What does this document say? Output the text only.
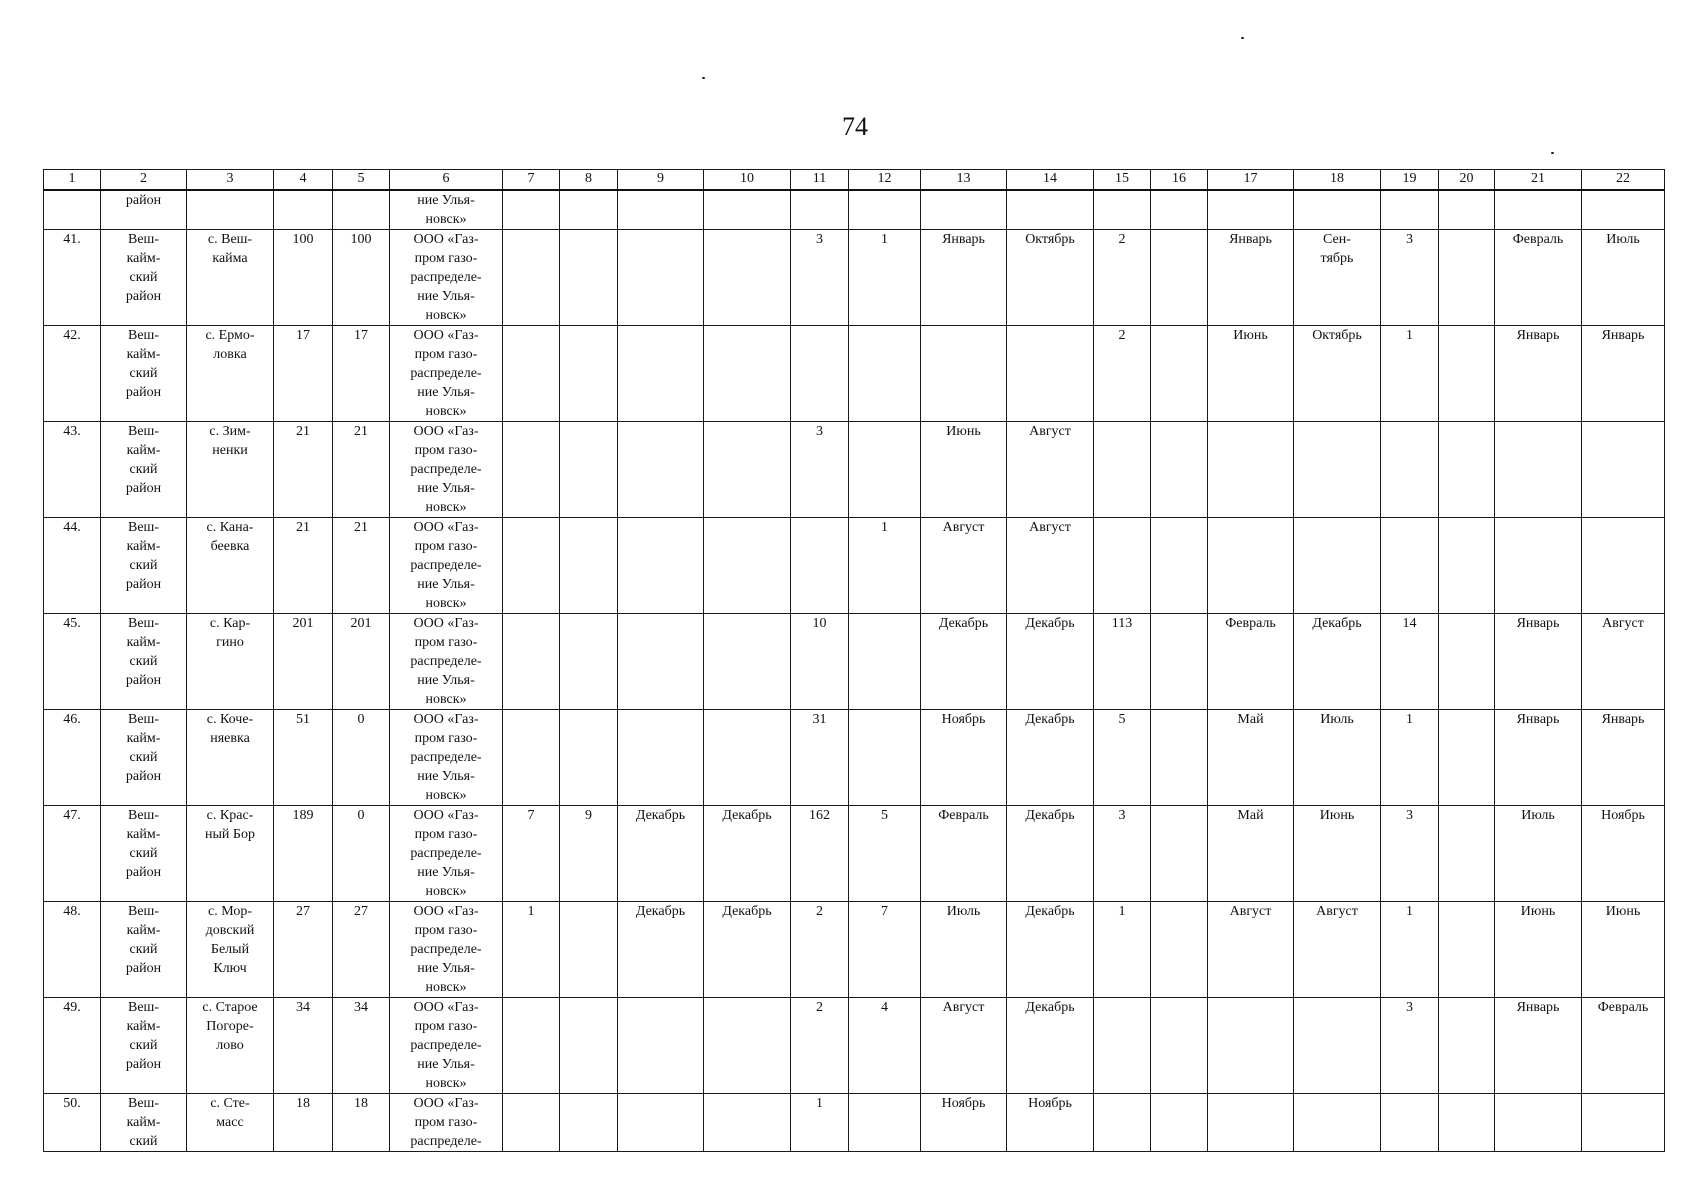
74
1	2	3	4	5	6	7	8	9	10	11	12	13	14	15	16	17	18	19	20	21	22
	район				ние Улья-
новск»																
41.	Веш-
кайм-
ский
район	с. Веш-
кайма	100	100	ООО «Газ-
пром газо-
распределе-
ние Улья-
новск»					3	1	Январь	Октябрь	2		Январь	Сен-
тябрь	3		Февраль	Июль
42.	Веш-
кайм-
ский
район	с. Ермо-
ловка	17	17	ООО «Газ-
пром газо-
распределе-
ние Улья-
новск»									2		Июнь	Октябрь	1		Январь	Январь
43.	Веш-
кайм-
ский
район	с. Зим-
ненки	21	21	ООО «Газ-
пром газо-
распределе-
ние Улья-
новск»					3		Июнь	Август								
44.	Веш-
кайм-
ский
район	с. Кана-
беевка	21	21	ООО «Газ-
пром газо-
распределе-
ние Улья-
новск»						1	Август	Август								
45.	Веш-
кайм-
ский
район	с. Кар-
гино	201	201	ООО «Газ-
пром газо-
распределе-
ние Улья-
новск»					10		Декабрь	Декабрь	113		Февраль	Декабрь	14		Январь	Август
46.	Веш-
кайм-
ский
район	с. Коче-
няевка	51	0	ООО «Газ-
пром газо-
распределе-
ние Улья-
новск»					31		Ноябрь	Декабрь	5		Май	Июль	1		Январь	Январь
47.	Веш-
кайм-
ский
район	с. Крас-
ный Бор	189	0	ООО «Газ-
пром газо-
распределе-
ние Улья-
новск»	7	9	Декабрь	Декабрь	162	5	Февраль	Декабрь	3		Май	Июнь	3		Июль	Ноябрь
48.	Веш-
кайм-
ский
район	с. Мор-
довский
Белый
Ключ	27	27	ООО «Газ-
пром газо-
распределе-
ние Улья-
новск»	1		Декабрь	Декабрь	2	7	Июль	Декабрь	1		Август	Август	1		Июнь	Июнь
49.	Веш-
кайм-
ский
район	с. Старое
Погоре-
лово	34	34	ООО «Газ-
пром газо-
распределе-
ние Улья-
новск»					2	4	Август	Декабрь					3		Январь	Февраль
50.	Веш-
кайм-
ский	с. Сте-
масс	18	18	ООО «Газ-
пром газо-
распределе-					1		Ноябрь	Ноябрь								
